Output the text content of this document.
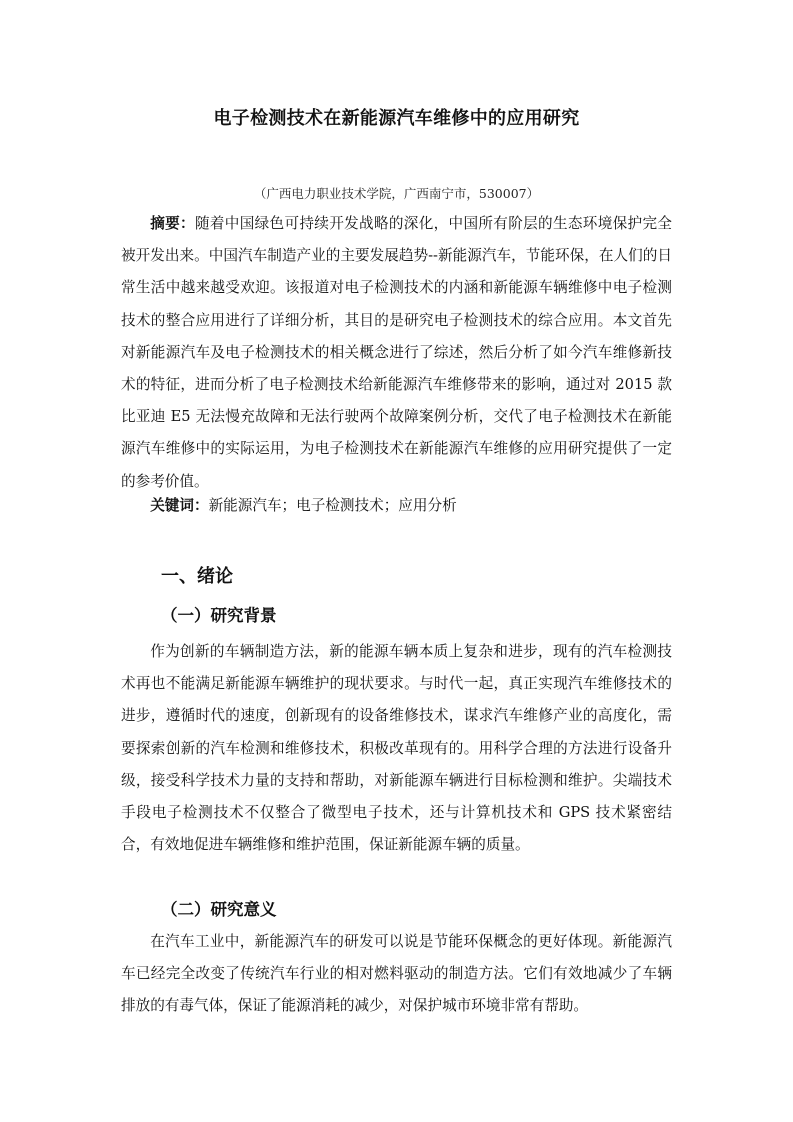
电子检测技术在新能源汽车维修中的应用研究
（广西电力职业技术学院，广西南宁市，530007）

摘要：随着中国绿色可持续开发战略的深化，中国所有阶层的生态环境保护完全被开发出来。中国汽车制造产业的主要发展趋势--新能源汽车，节能环保，在人们的日常生活中越来越受欢迎。该报道对电子检测技术的内涵和新能源车辆维修中电子检测技术的整合应用进行了详细分析，其目的是研究电子检测技术的综合应用。本文首先对新能源汽车及电子检测技术的相关概念进行了综述，然后分析了如今汽车维修新技术的特征，进而分析了电子检测技术给新能源汽车维修带来的影响，通过对 2015 款比亚迪 E5 无法慢充故障和无法行驶两个故障案例分析，交代了电子检测技术在新能源汽车维修中的实际运用，为电子检测技术在新能源汽车维修的应用研究提供了一定的参考价值。

关键词：新能源汽车；电子检测技术；应用分析

一、绪论
（一）研究背景

作为创新的车辆制造方法，新的能源车辆本质上复杂和进步，现有的汽车检测技术再也不能满足新能源车辆维护的现状要求。与时代一起，真正实现汽车维修技术的进步，遵循时代的速度，创新现有的设备维修技术，谋求汽车维修产业的高度化，需要探索创新的汽车检测和维修技术，积极改革现有的。用科学合理的方法进行设备升级，接受科学技术力量的支持和帮助，对新能源车辆进行目标检测和维护。尖端技术手段电子检测技术不仅整合了微型电子技术，还与计算机技术和 GPS 技术紧密结合，有效地促进车辆维修和维护范围，保证新能源车辆的质量。

（二）研究意义

在汽车工业中，新能源汽车的研发可以说是节能环保概念的更好体现。新能源汽车已经完全改变了传统汽车行业的相对燃料驱动的制造方法。它们有效地减少了车辆排放的有毒气体，保证了能源消耗的减少，对保护城市环境非常有帮助。
